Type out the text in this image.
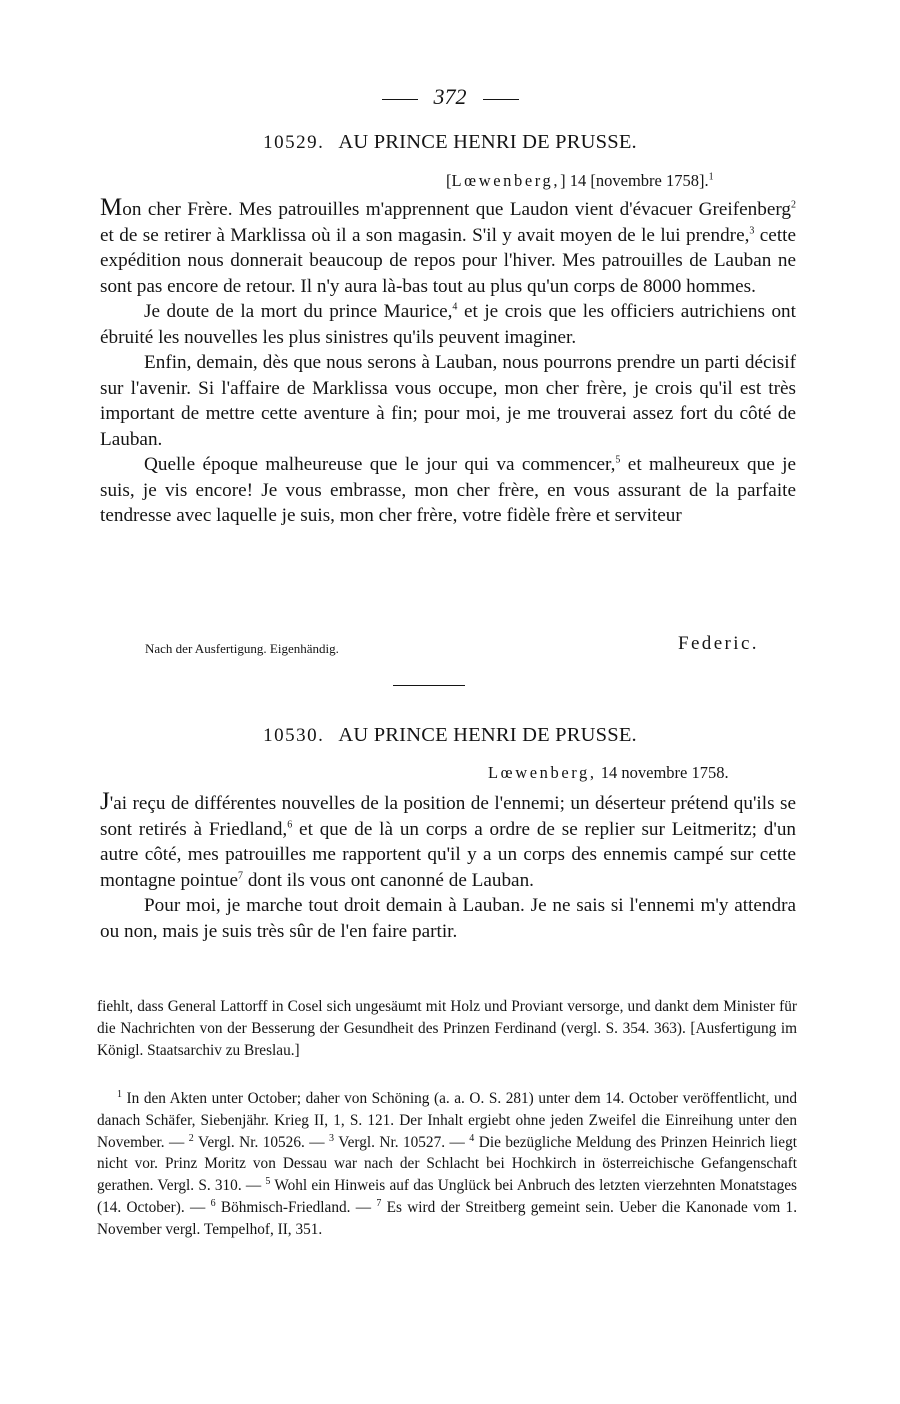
372
10529. AU PRINCE HENRI DE PRUSSE.
[Lœwenberg,] 14 [novembre 1758].$^1$

Mon cher Frère. Mes patrouilles m'apprennent que Laudon vient d'évacuer Greifenberg$^2$ et de se retirer à Marklissa où il a son magasin. S'il y avait moyen de le lui prendre,$^3$ cette expédition nous donnerait beaucoup de repos pour l'hiver. Mes patrouilles de Lauban ne sont pas encore de retour. Il n'y aura là-bas tout au plus qu'un corps de 8000 hommes.

Je doute de la mort du prince Maurice,$^4$ et je crois que les officiers autrichiens ont ébruité les nouvelles les plus sinistres qu'ils peuvent imaginer.

Enfin, demain, dès que nous serons à Lauban, nous pourrons prendre un parti décisif sur l'avenir. Si l'affaire de Marklissa vous occupe, mon cher frère, je crois qu'il est très important de mettre cette aventure à fin; pour moi, je me trouverai assez fort du côté de Lauban.

Quelle époque malheureuse que le jour qui va commencer,$^5$ et malheureux que je suis, je vis encore! Je vous embrasse, mon cher frère, en vous assurant de la parfaite tendresse avec laquelle je suis, mon cher frère, votre fidèle frère et serviteur

Nach der Ausfertigung. Eigenhändig.	Federic.
10530. AU PRINCE HENRI DE PRUSSE.
Lœwenberg, 14 novembre 1758.

J'ai reçu de différentes nouvelles de la position de l'ennemi; un déserteur prétend qu'ils se sont retirés à Friedland,$^6$ et que de là un corps a ordre de se replier sur Leitmeritz; d'un autre côté, mes patrouilles me rapportent qu'il y a un corps des ennemis campé sur cette montagne pointue$^7$ dont ils vous ont canonné de Lauban.

Pour moi, je marche tout droit demain à Lauban. Je ne sais si l'ennemi m'y attendra ou non, mais je suis très sûr de l'en faire partir.

fiehlt, dass General Lattorff in Cosel sich ungesäumt mit Holz und Proviant versorge, und dankt dem Minister für die Nachrichten von der Besserung der Gesundheit des Prinzen Ferdinand (vergl. S. 354. 363). [Ausfertigung im Königl. Staatsarchiv zu Breslau.]

$^1$ In den Akten unter October; daher von Schöning (a. a. O. S. 281) unter dem 14. October veröffentlicht, und danach Schäfer, Siebenjähr. Krieg II, 1, S. 121. Der Inhalt ergiebt ohne jeden Zweifel die Einreihung unter den November. — $^2$ Vergl. Nr. 10526. — $^3$ Vergl. Nr. 10527. — $^4$ Die bezügliche Meldung des Prinzen Heinrich liegt nicht vor. Prinz Moritz von Dessau war nach der Schlacht bei Hochkirch in österreichische Gefangenschaft gerathen. Vergl. S. 310. — $^5$ Wohl ein Hinweis auf das Unglück bei Anbruch des letzten vierzehnten Monatstages (14. October). — $^6$ Böhmisch-Friedland. — $^7$ Es wird der Streitberg gemeint sein. Ueber die Kanonade vom 1. November vergl. Tempelhof, II, 351.
